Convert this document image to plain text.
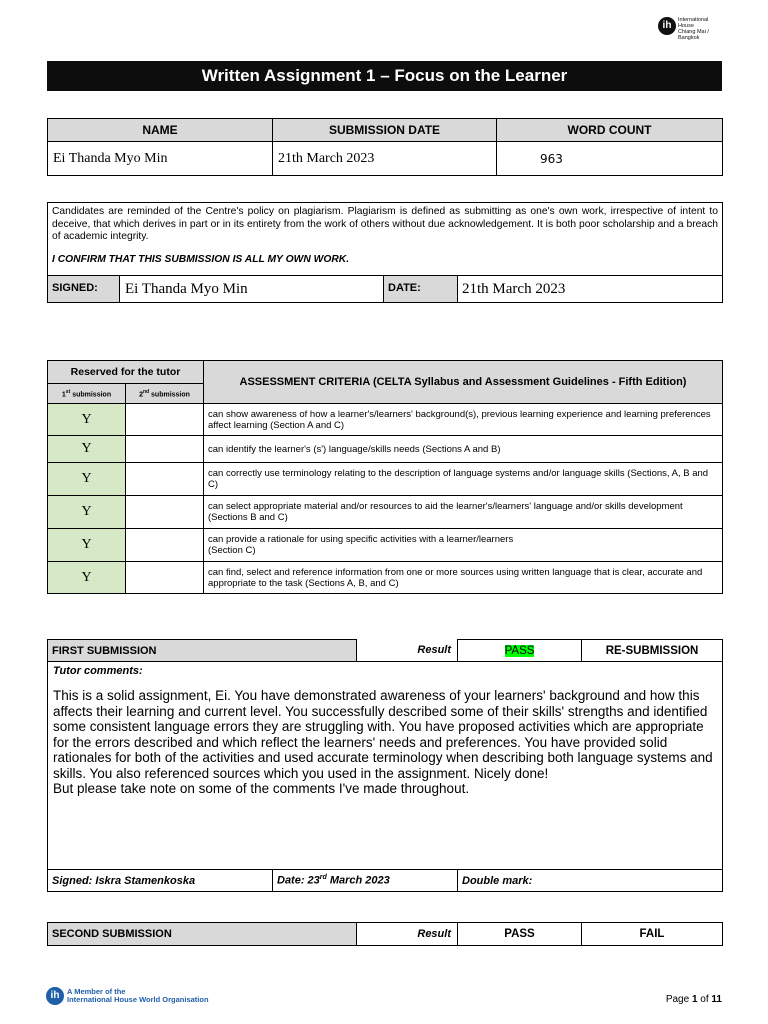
ih	International
House
Chiang Mai / Bangkok
Written Assignment 1 – Focus on the Learner
NAME	SUBMISSION DATE	WORD COUNT
Ei Thanda Myo Min	21th March 2023	963
Candidates are reminded of the Centre's policy on plagiarism. Plagiarism is defined as submitting as one's own work, irrespective of intent to deceive, that which derives in part or in its entirety from the work of others without due acknowledgement. It is both poor scholarship and a breach of academic integrity.
I CONFIRM THAT THIS SUBMISSION IS ALL MY OWN WORK.

SIGNED:	Ei Thanda Myo Min	DATE:	21th March 2023
Reserved for the tutor		ASSESSMENT CRITERIA (CELTA Syllabus and Assessment Guidelines - Fifth Edition)
1st submission	2nd submission	
Y		can show awareness of how a learner's/learners' background(s), previous learning experience and learning preferences affect learning (Section A and C)
Y		can identify the learner's (s') language/skills needs (Sections A and B)
Y		can correctly use terminology relating to the description of language systems and/or language skills (Sections, A, B and C)
Y		can select appropriate material and/or resources to aid the learner's/learners' language and/or skills development (Sections B and C)
Y		can provide a rationale for using specific activities with a learner/learners
(Section C)
Y		can find, select and reference information from one or more sources using written language that is clear, accurate and appropriate to the task (Sections A, B, and C)
FIRST SUBMISSION		Result	PASS	RE-SUBMISSION

Tutor comments:
This is a solid assignment, Ei. You have demonstrated awareness of your learners' background and how this affects their learning and current level. You successfully described some of their skills' strengths and identified some consistent language errors they are struggling with. You have proposed activities which are appropriate for the errors described and which reflect the learners' needs and preferences. You have provided solid rationales for both of the activities and used accurate terminology when describing both language systems and skills. You also referenced sources which you used in the assignment. Nicely done!
But please take note on some of the comments I've made throughout.				

Signed: Iskra Stamenkoska	Date: 23rd March 2023		Double mark:	
SECOND SUBMISSION	Result	PASS	FAIL
ih	A Member of the
International House World Organisation	Page 1 of 11
